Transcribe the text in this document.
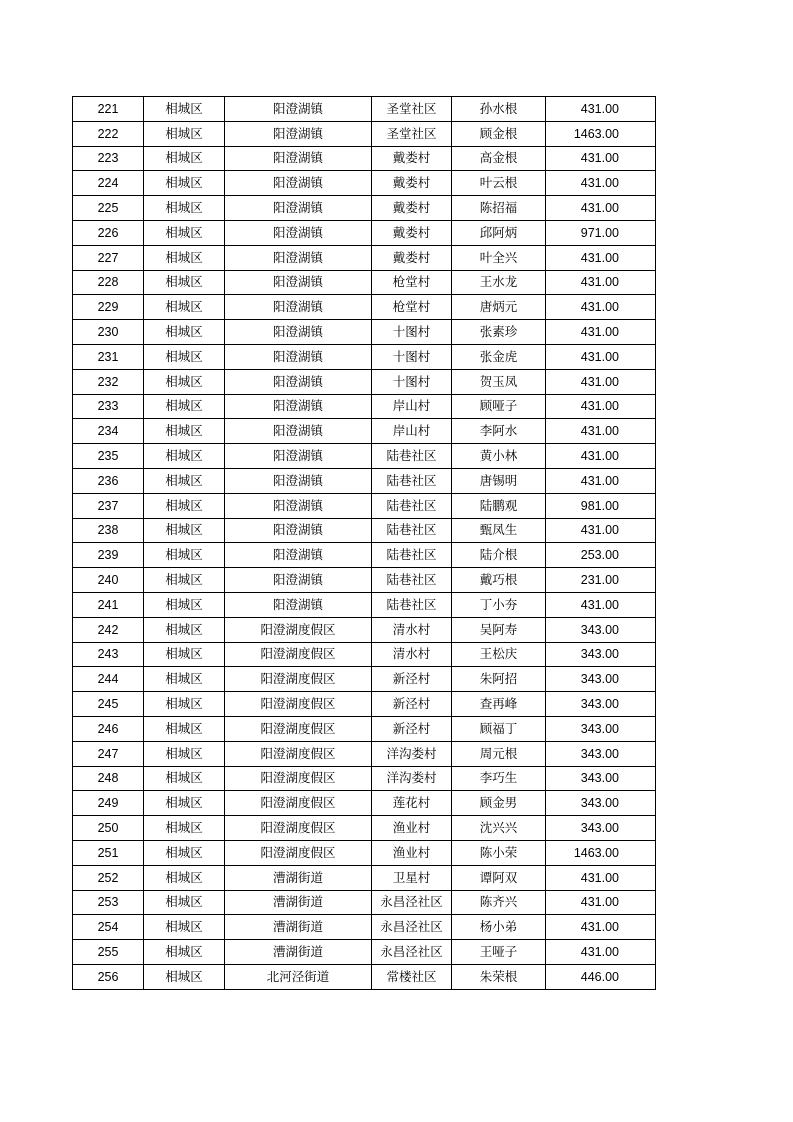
221	相城区	阳澄湖镇	圣堂社区	孙水根	431.00
222	相城区	阳澄湖镇	圣堂社区	顾金根	1463.00
223	相城区	阳澄湖镇	戴娄村	高金根	431.00
224	相城区	阳澄湖镇	戴娄村	叶云根	431.00
225	相城区	阳澄湖镇	戴娄村	陈招福	431.00
226	相城区	阳澄湖镇	戴娄村	邱阿炳	971.00
227	相城区	阳澄湖镇	戴娄村	叶全兴	431.00
228	相城区	阳澄湖镇	枪堂村	王水龙	431.00
229	相城区	阳澄湖镇	枪堂村	唐炳元	431.00
230	相城区	阳澄湖镇	十图村	张素珍	431.00
231	相城区	阳澄湖镇	十图村	张金虎	431.00
232	相城区	阳澄湖镇	十图村	贺玉凤	431.00
233	相城区	阳澄湖镇	岸山村	顾哑子	431.00
234	相城区	阳澄湖镇	岸山村	李阿水	431.00
235	相城区	阳澄湖镇	陆巷社区	黄小林	431.00
236	相城区	阳澄湖镇	陆巷社区	唐锡明	431.00
237	相城区	阳澄湖镇	陆巷社区	陆鹏观	981.00
238	相城区	阳澄湖镇	陆巷社区	甄凤生	431.00
239	相城区	阳澄湖镇	陆巷社区	陆介根	253.00
240	相城区	阳澄湖镇	陆巷社区	戴巧根	231.00
241	相城区	阳澄湖镇	陆巷社区	丁小夯	431.00
242	相城区	阳澄湖度假区	清水村	吴阿寿	343.00
243	相城区	阳澄湖度假区	清水村	王松庆	343.00
244	相城区	阳澄湖度假区	新泾村	朱阿招	343.00
245	相城区	阳澄湖度假区	新泾村	查再峰	343.00
246	相城区	阳澄湖度假区	新泾村	顾福丁	343.00
247	相城区	阳澄湖度假区	洋沟娄村	周元根	343.00
248	相城区	阳澄湖度假区	洋沟娄村	李巧生	343.00
249	相城区	阳澄湖度假区	莲花村	顾金男	343.00
250	相城区	阳澄湖度假区	渔业村	沈兴兴	343.00
251	相城区	阳澄湖度假区	渔业村	陈小荣	1463.00
252	相城区	漕湖街道	卫星村	谭阿双	431.00
253	相城区	漕湖街道	永昌泾社区	陈齐兴	431.00
254	相城区	漕湖街道	永昌泾社区	杨小弟	431.00
255	相城区	漕湖街道	永昌泾社区	王哑子	431.00
256	相城区	北河泾街道	常楼社区	朱荣根	446.00
